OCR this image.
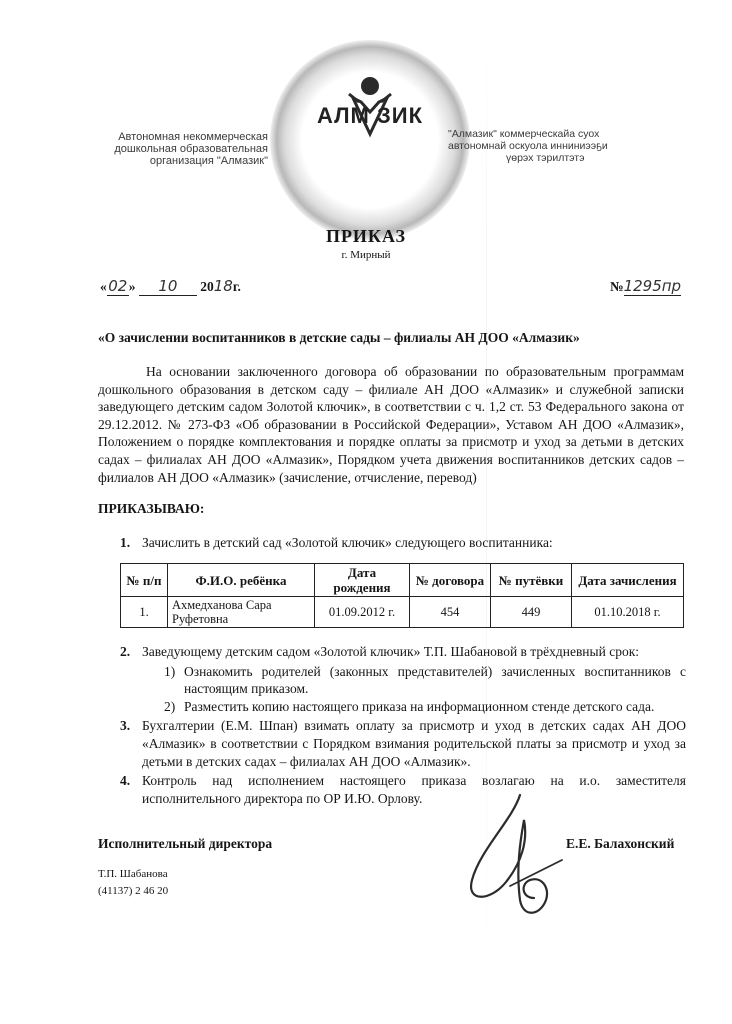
Автономная некоммерческая
дошкольная образовательная
организация "Алмазик"
АЛМ ЗИК
"Алмазик" коммерческайа суох
автономнай оскуола инниниээҕи
үөрэх тэрилтэтэ
ПРИКАЗ
г. Мирный
«02» 10 2018г.	№1295пр
«О зачислении воспитанников в детские сады – филиалы АН ДОО «Алмазик»
На основании заключенного договора об образовании по образовательным программам дошкольного образования в детском саду – филиале АН ДОО «Алмазик» и служебной записки заведующего детским садом Золотой ключик», в соответствии с ч. 1,2 ст. 53 Федерального закона от 29.12.2012. № 273-ФЗ «Об образовании в Российской Федерации», Уставом АН ДОО «Алмазик», Положением о порядке комплектования и порядке оплаты за присмотр и уход за детьми в детских садах – филиалах АН ДОО «Алмазик», Порядком учета движения воспитанников детских садов – филиалов АН ДОО «Алмазик» (зачисление, отчисление, перевод)
ПРИКАЗЫВАЮ:
1. Зачислить в детский сад «Золотой ключик» следующего воспитанника:
№ п/п	Ф.И.О. ребёнка	Дата рождения	№ договора	№ путёвки	Дата зачисления
1.	Ахмедханова Сара Руфетовна	01.09.2012 г.	454	449	01.10.2018 г.
2. Заведующему детским садом «Золотой ключик» Т.П. Шабановой в трёхдневный срок:
1) Ознакомить родителей (законных представителей) зачисленных воспитанников с настоящим приказом.
2) Разместить копию настоящего приказа на информационном стенде детского сада.
3. Бухгалтерии (Е.М. Шпан) взимать оплату за присмотр и уход в детских садах АН ДОО «Алмазик» в соответствии с Порядком взимания родительской платы за присмотр и уход за детьми в детских садах – филиалах АН ДОО «Алмазик».
4. Контроль над исполнением настоящего приказа возлагаю на и.о. заместителя исполнительного директора по ОР И.Ю. Орлову.
Исполнительный директора	Е.Е. Балахонский
Т.П. Шабанова
(41137) 2 46 20
